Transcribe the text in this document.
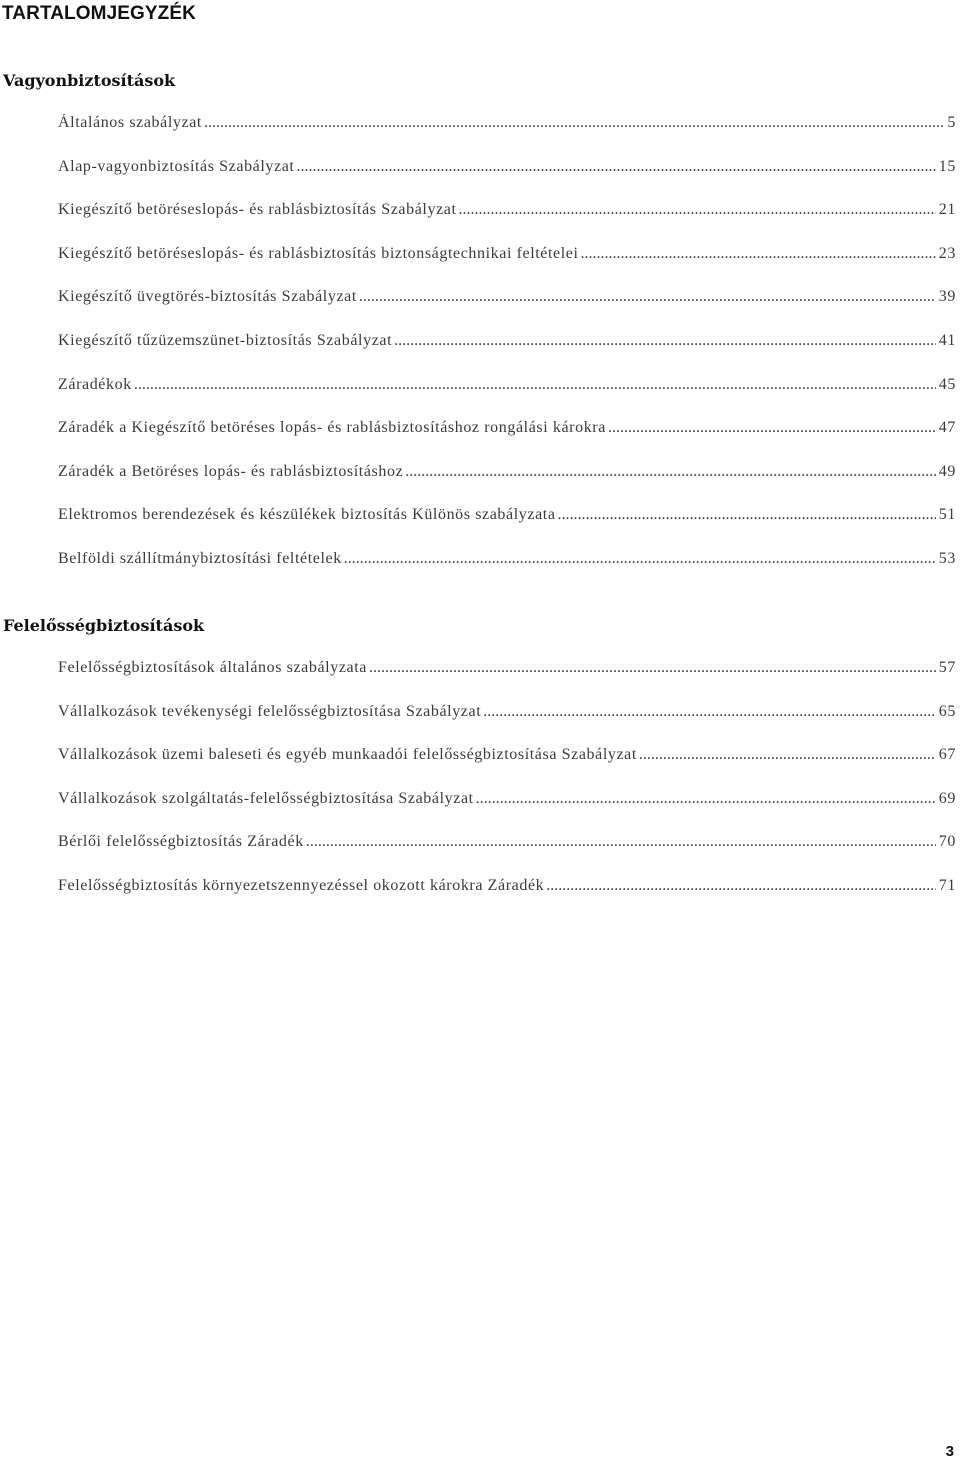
TARTALOMJEGYZÉK
Vagyonbiztosítások
Általános szabályzat .....	5
Alap-vagyonbiztosítás Szabályzat .....	15
Kiegészítő betöréseslopás- és rablásbiztosítás Szabályzat .....	21
Kiegészítő betöréseslopás- és rablásbiztosítás biztonságtechnikai feltételei .....	23
Kiegészítő üvegtörés-biztosítás Szabályzat .....	39
Kiegészítő tűzüzemszünet-biztosítás Szabályzat .....	41
Záradékok .....	45
Záradék a Kiegészítő betöréses lopás- és rablásbiztosításhoz rongálási károkra .....	47
Záradék a Betöréses lopás- és rablásbiztosításhoz .....	49
Elektromos berendezések és készülékek biztosítás Különös szabályzata .....	51
Belföldi szállítmánybiztosítási feltételek .....	53
Felelősségbiztosítások
Felelősségbiztosítások általános szabályzata .....	57
Vállalkozások tevékenységi felelősségbiztosítása Szabályzat .....	65
Vállalkozások üzemi baleseti és egyéb munkaadói felelősségbiztosítása Szabályzat .....	67
Vállalkozások szolgáltatás-felelősségbiztosítása Szabályzat .....	69
Bérlői felelősségbiztosítás Záradék .....	70
Felelősségbiztosítás környezetszennyezéssel okozott károkra Záradék .....	71
3
